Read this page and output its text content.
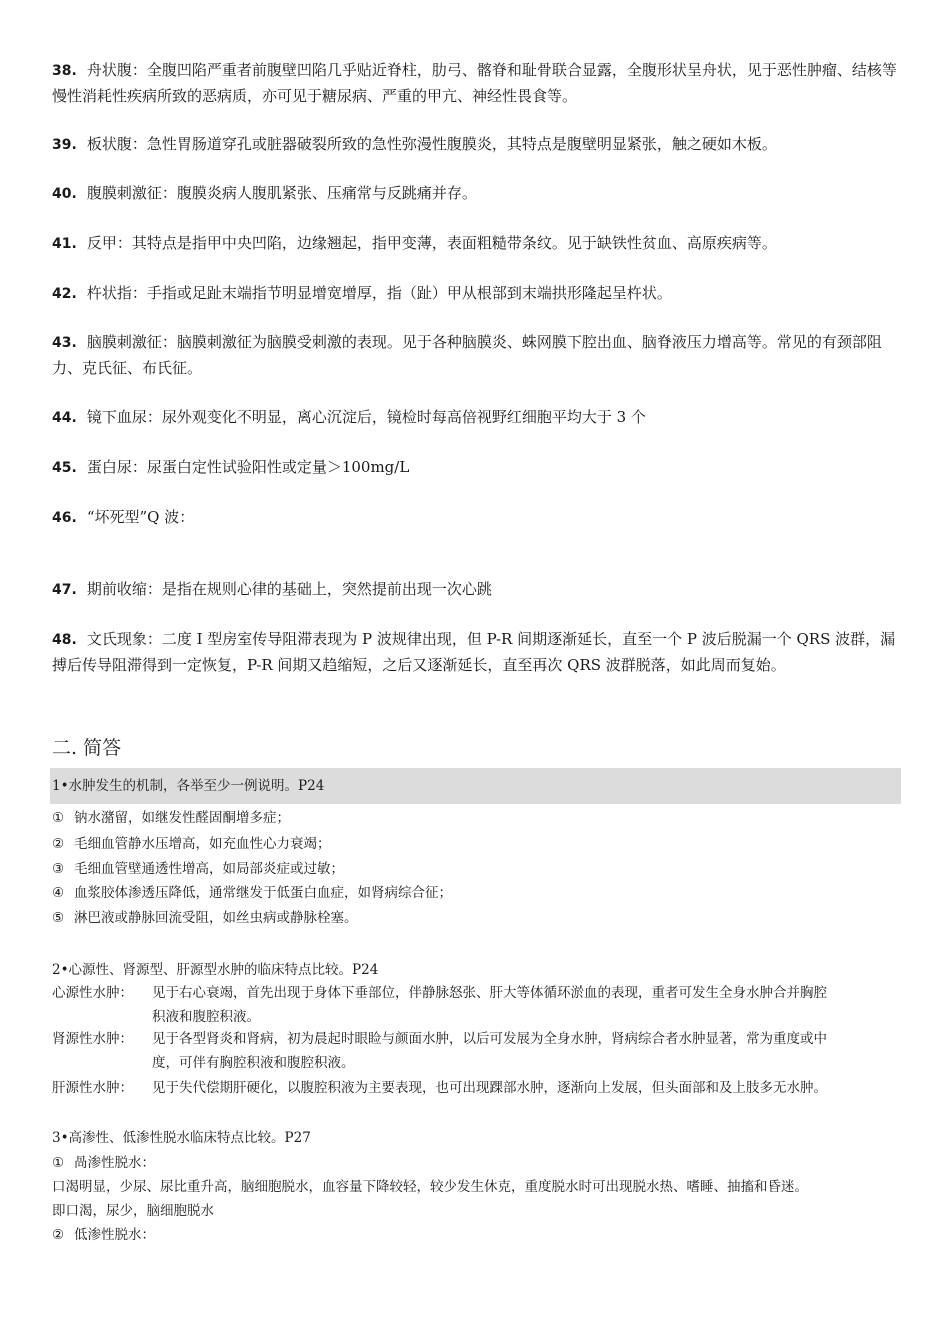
38. 舟状腹：全腹凹陷严重者前腹壁凹陷几乎贴近脊柱，肋弓、髂脊和耻骨联合显露，全腹形状呈舟状，见于恶性肿瘤、结核等慢性消耗性疾病所致的恶病质，亦可见于糖尿病、严重的甲亢、神经性畏食等。
39. 板状腹：急性胃肠道穿孔或脏器破裂所致的急性弥漫性腹膜炎，其特点是腹壁明显紧张，触之硬如木板。
40. 腹膜刺激征：腹膜炎病人腹肌紧张、压痛常与反跳痛并存。
41. 反甲：其特点是指甲中央凹陷，边缘翘起，指甲变薄，表面粗糙带条纹。见于缺铁性贫血、高原疾病等。
42. 杵状指：手指或足趾末端指节明显增宽增厚，指（趾）甲从根部到末端拱形隆起呈杵状。
43. 脑膜刺激征：脑膜刺激征为脑膜受刺激的表现。见于各种脑膜炎、蛛网膜下腔出血、脑脊液压力增高等。常见的有颈部阻力、克氏征、布氏征。
44. 镜下血尿：尿外观变化不明显，离心沉淀后，镜检时每高倍视野红细胞平均大于 3 个
45. 蛋白尿：尿蛋白定性试验阳性或定量＞100mg/L
46. “坏死型”Q 波：
47. 期前收缩：是指在规则心律的基础上，突然提前出现一次心跳
48. 文氏现象：二度 I 型房室传导阻滞表现为 P 波规律出现，但 P-R 间期逐渐延长，直至一个 P 波后脱漏一个 QRS 波群，漏搏后传导阻滞得到一定恢复，P-R 间期又趋缩短，之后又逐渐延长，直至再次 QRS 波群脱落，如此周而复始。
二. 简答
1•水肿发生的机制，各举至少一例说明。P24
① 钠水潴留，如继发性醛固酮增多症；
② 毛细血管静水压增高，如充血性心力衰竭；
③ 毛细血管壁通透性增高，如局部炎症或过敏；
④ 血浆胶体渗透压降低，通常继发于低蛋白血症，如肾病综合征；
⑤ 淋巴液或静脉回流受阻，如丝虫病或静脉栓塞。
2•心源性、肾源型、肝源型水肿的临床特点比较。P24
心源性水肿： 见于右心衰竭，首先出现于身体下垂部位，伴静脉怒张、肝大等体循环淤血的表现，重者可发生全身水肿合并胸腔
积液和腹腔积液。
肾源性水肿： 见于各型肾炎和肾病，初为晨起时眼睑与颜面水肿，以后可发展为全身水肿，肾病综合者水肿显著，常为重度或中
度，可伴有胸腔积液和腹腔积液。
肝源性水肿： 见于失代偿期肝硬化，以腹腔积液为主要表现，也可出现踝部水肿，逐渐向上发展，但头面部和及上肢多无水肿。
3•高渗性、低渗性脱水临床特点比较。P27
① 咼渗性脱水：
口渴明显，少尿、尿比重升高，脑细胞脱水，血容量下降较轻，较少发生休克，重度脱水时可出现脱水热、嗜睡、抽搐和昏迷。
即口渴，尿少，脑细胞脱水
② 低渗性脱水：
